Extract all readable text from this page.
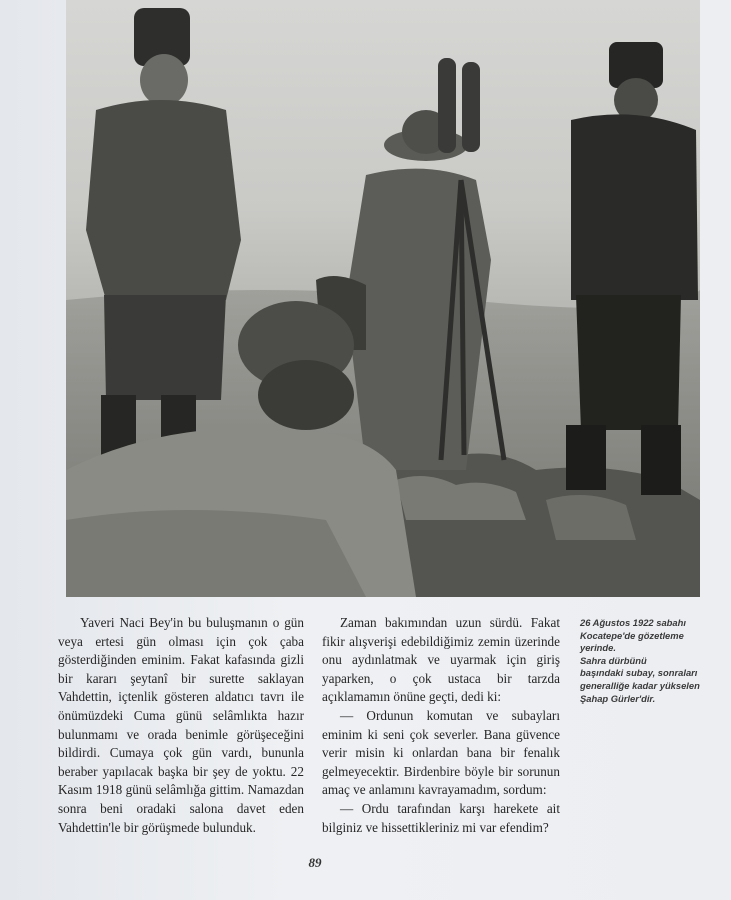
Yaveri Naci Bey'in bu buluşmanın o gün veya ertesi gün olması için çok çaba gösterdiğinden eminim. Fakat kafasında gizli bir kararı şeytanî bir surette saklayan Vahdettin, içtenlik gösteren aldatıcı tavrı ile önümüzdeki Cuma günü selâmlıkta hazır bulunmamı ve orada benimle görüşeceğini bildirdi. Cumaya çok gün vardı, bununla beraber yapılacak başka bir şey de yoktu. 22 Kasım 1918 günü selâmlığa gittim. Namazdan sonra beni oradaki salona davet eden Vahdettin'le bir görüşmede bulunduk.

Zaman bakımından uzun sürdü. Fakat fikir alışverişi edebildiğimiz zemin üzerinde onu aydınlatmak ve uyarmak için giriş yaparken, o çok ustaca bir tarzda açıklamamın önüne geçti, dedi ki:

— Ordunun komutan ve subayları eminim ki seni çok severler. Bana güvence verir misin ki onlardan bana bir fenalık gelmeyecektir. Birdenbire böyle bir sorunun amaç ve anlamını kavrayamadım, sordum:

— Ordu tarafından karşı harekete ait bilginiz ve hissettikleriniz mi var efendim?

26 Ağustos 1922 sabahı
Kocatepe'de gözetleme
yerinde.
Sahra dürbünü
başındaki subay, sonraları
generalliğe kadar yükselen
Şahap Gürler'dir.
89
